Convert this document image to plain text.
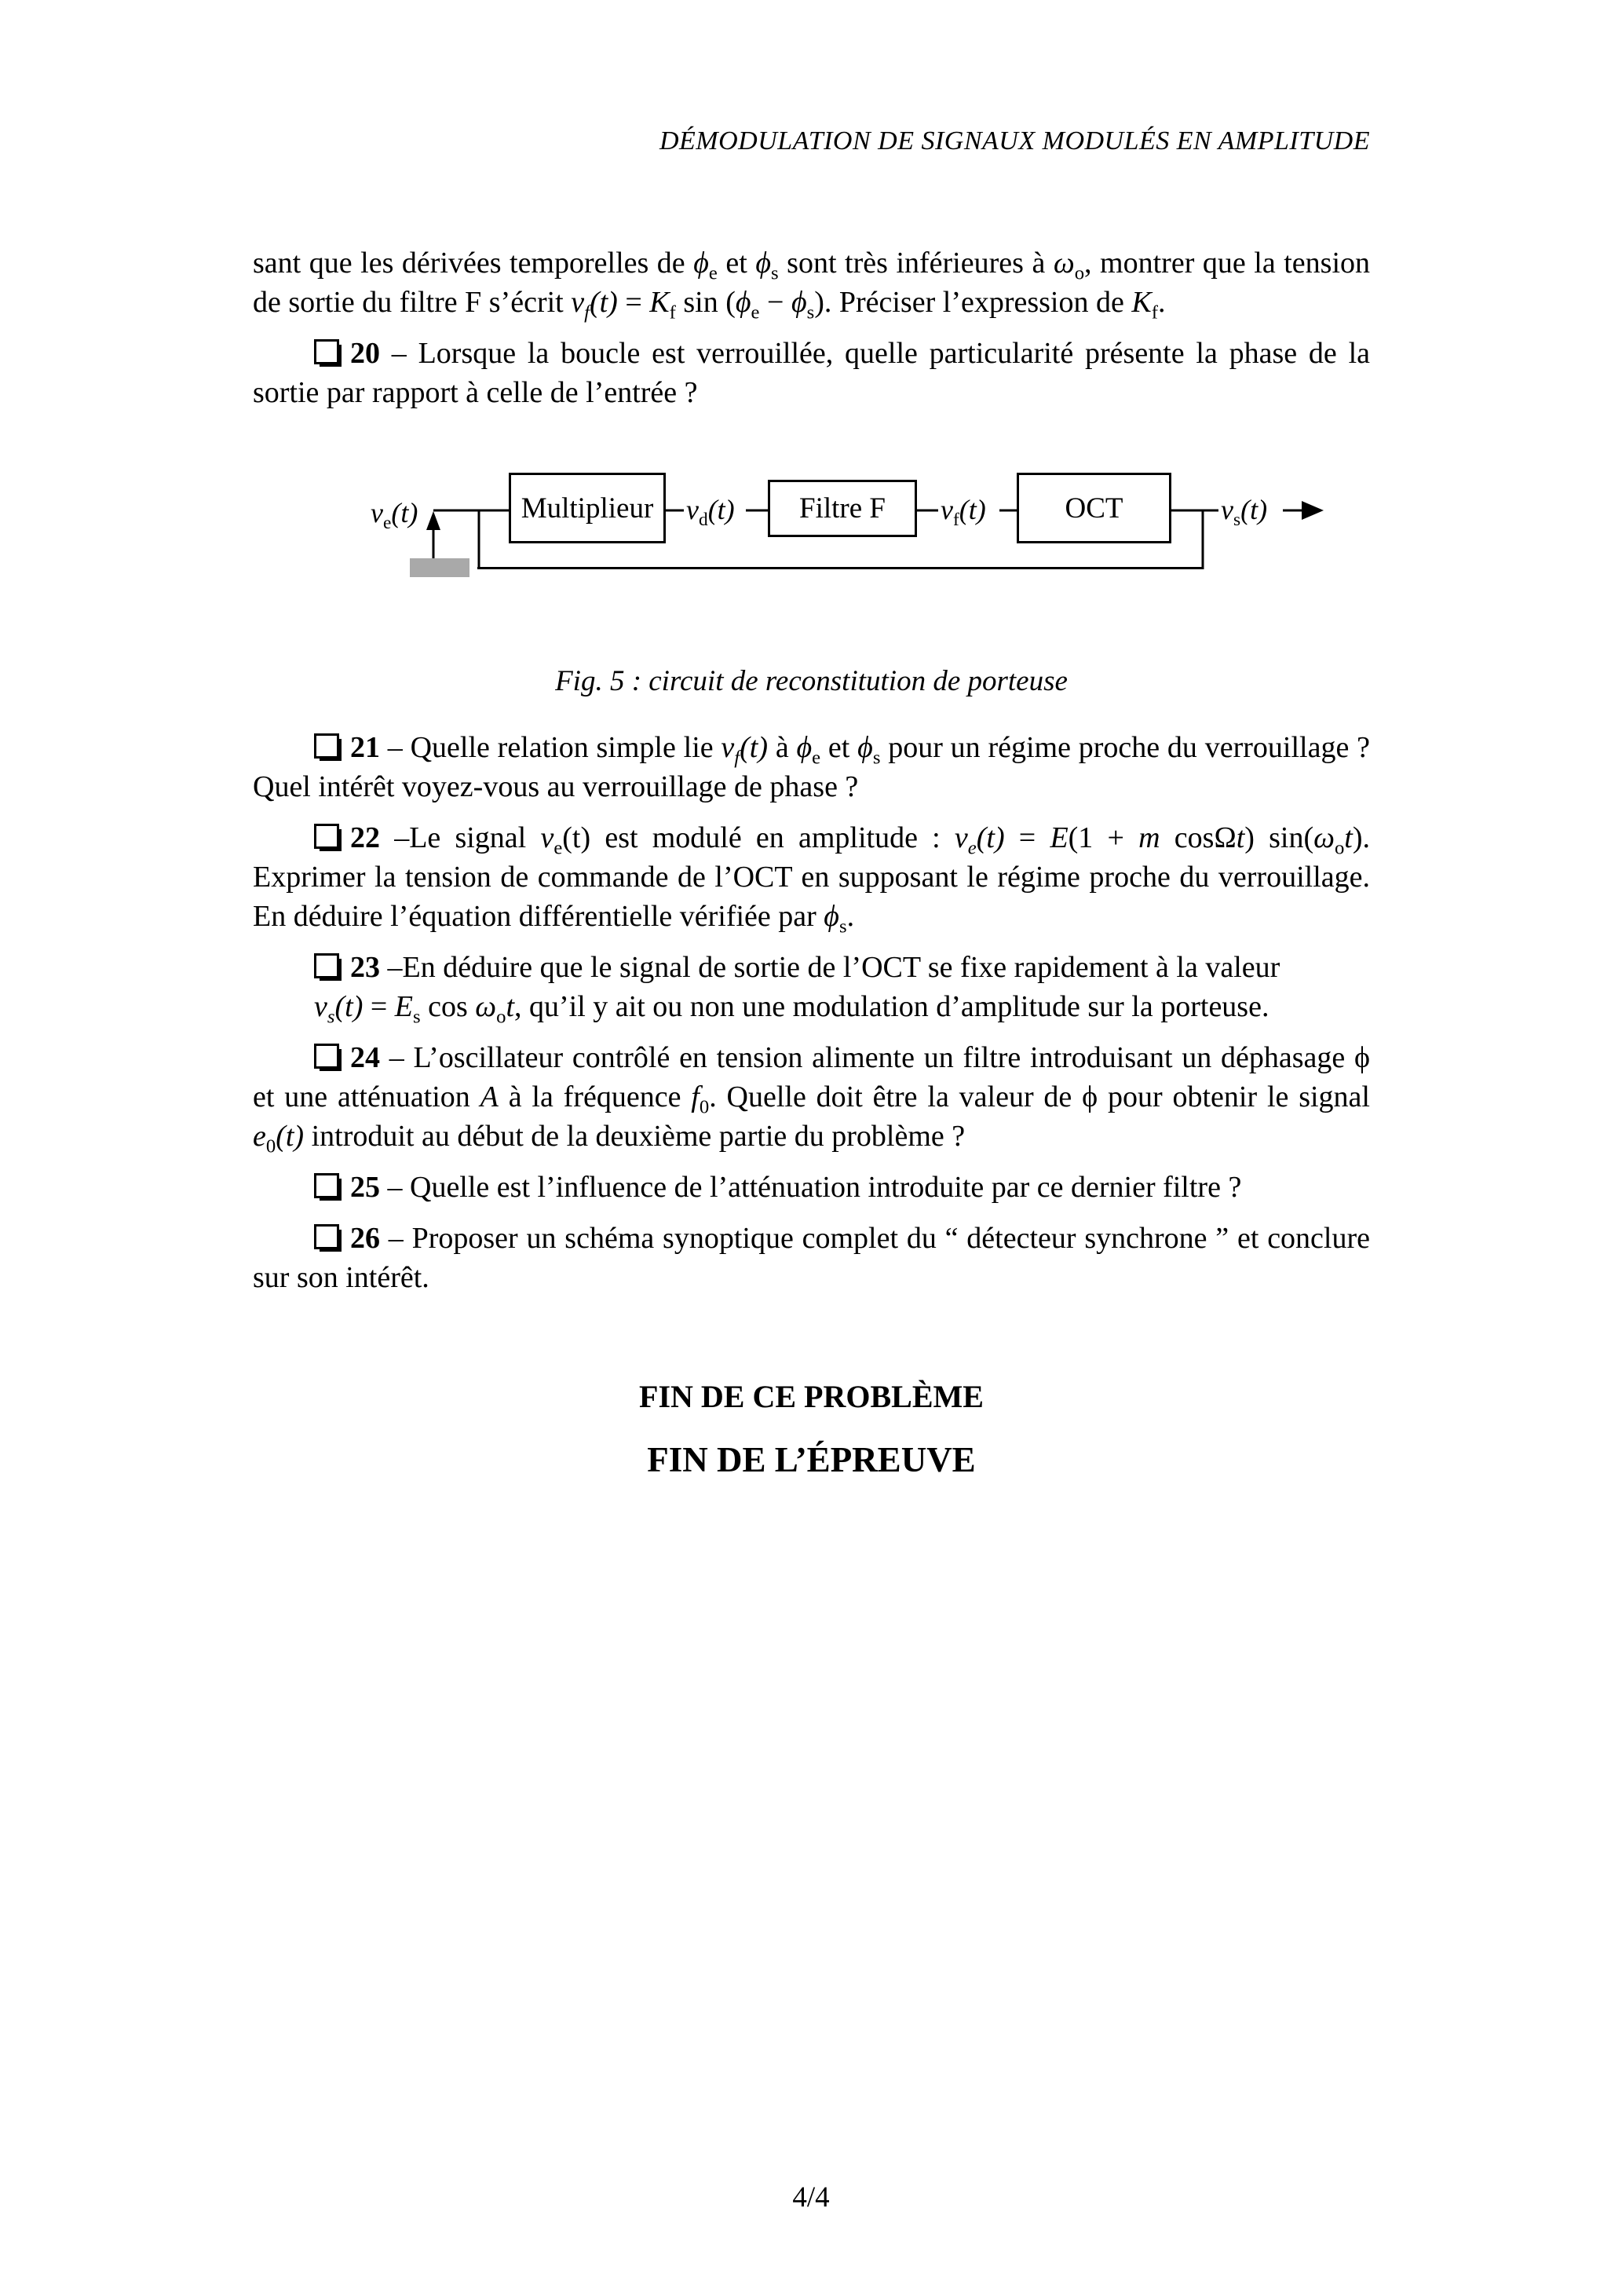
DÉMODULATION DE SIGNAUX MODULÉS EN AMPLITUDE

sant que les dérivées temporelles de $\phi_e$ et $\phi_s$ sont très inférieures à $\omega_o$, montrer que la tension de sortie du filtre F s’écrit $v_f(t) = K_f$ $\sin (\phi_e - \phi_s)$. Préciser l’expression de $K_f$.

20 – Lorsque la boucle est verrouillée, quelle particularité présente la phase de la sortie par rapport à celle de l’entrée ?

Multiplieur	Filtre F	OCT
$v_e(t)$	$v_d(t)$	$v_f(t)$	$v_s(t)$

Fig. 5 : circuit de reconstitution de porteuse

21 – Quelle relation simple lie $v_f(t)$ à $\phi_e$ et $\phi_s$ pour un régime proche du verrouillage ? Quel intérêt voyez-vous au verrouillage de phase ?

22 –Le signal $v_e(t)$ est modulé en amplitude : $v_e(t) = E(1 + m$ cosΩt) $\sin(\omega_ot)$. Exprimer la tension de commande de l’OCT en supposant le régime proche du verrouillage. En déduire l’équation différentielle vérifiée par $\phi_s$.

23 –En déduire que le signal de sortie de l’OCT se fixe rapidement à la valeur
$v_s(t) = E_s$ $\cos \omega_ot$, qu’il y ait ou non une modulation d’amplitude sur la porteuse.

24 – L’oscillateur contrôlé en tension alimente un filtre introduisant un déphasage ϕ et une atténuation A à la fréquence $f_0$. Quelle doit être la valeur de ϕ pour obtenir le signal $e_0(t)$ introduit au début de la deuxième partie du problème ?

25 – Quelle est l’influence de l’atténuation introduite par ce dernier filtre ?

26 – Proposer un schéma synoptique complet du “ détecteur synchrone ” et conclure sur son intérêt.

FIN DE CE PROBLÈME

FIN DE L’ÉPREUVE

4/4
